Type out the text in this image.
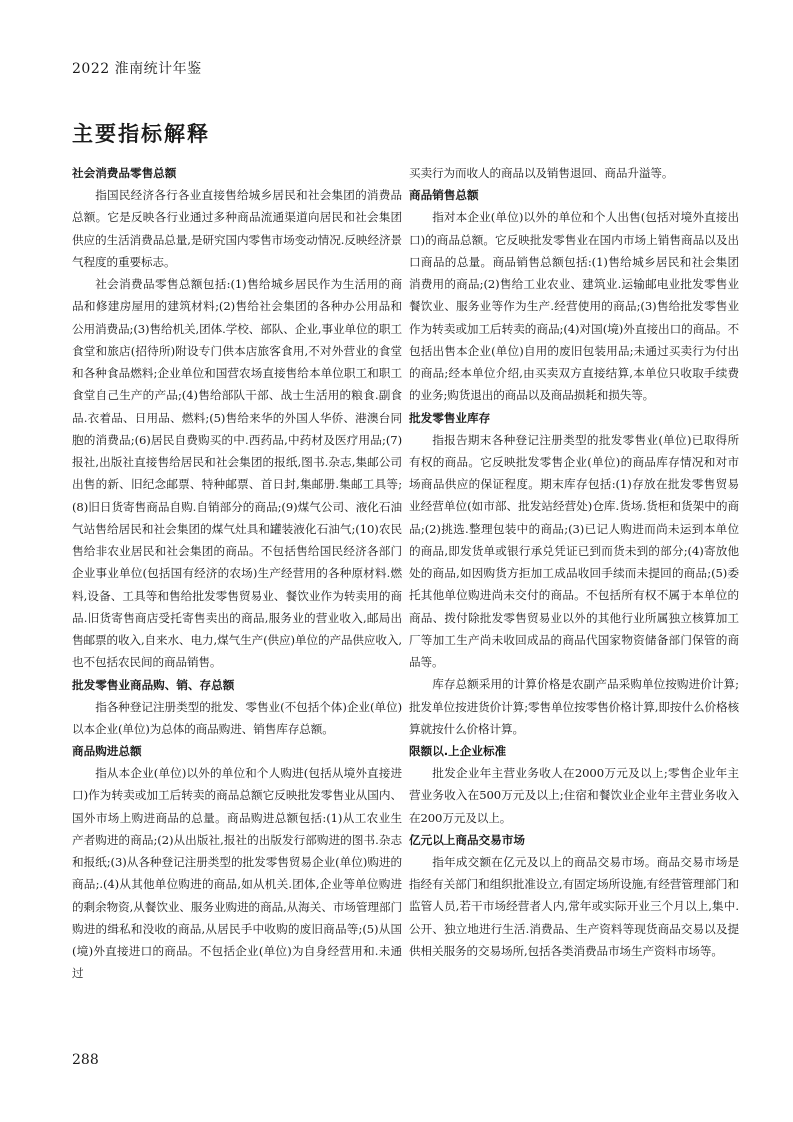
2022 淮南统计年鉴
主要指标解释
社会消费品零售总额

指国民经济各行各业直接售给城乡居民和社会集团的消费品总额。它是反映各行业通过多种商品流通渠道向居民和社会集团供应的生活消费品总量,是研究国内零售市场变动情况.反映经济景气程度的重要标志。

社会消费品零售总额包括:(1)售给城乡居民作为生活用的商品和修建房屋用的建筑材料;(2)售给社会集团的各种办公用品和公用消费品;(3)售给机关,团体.学校、部队、企业,事业单位的职工食堂和旅店(招待所)附设专门供本店旅客食用,不对外营业的食堂和各种食品燃料;企业单位和国营农场直接售给本单位职工和职工食堂自己生产的产品;(4)售给部队干部、战士生活用的粮食.副食品.衣着品、日用品、燃料;(5)售给来华的外国人华侨、港澳台同胞的消费品;(6)居民自费购买的中.西药品,中药材及医疗用品;(7)报社,出版社直接售给居民和社会集团的报纸,图书.杂志,集邮公司出售的新、旧纪念邮票、特种邮票、首日封,集邮册.集邮工具等;(8)旧日货寄售商品自购.自销部分的商品;(9)煤气公司、液化石油气站售给居民和社会集团的煤气灶具和罐装液化石油气;(10)农民售给非农业居民和社会集团的商品。不包括售给国民经济各部门企业事业单位(包括国有经济的农场)生产经营用的各种原材料.燃料,设备、工具等和售给批发零售贸易业、餐饮业作为转卖用的商品.旧货寄售商店受托寄售卖出的商品,服务业的营业收入,邮局出售邮票的收入,自来水、电力,煤气生产(供应)单位的产品供应收入,也不包括农民间的商品销售。

批发零售业商品购、销、存总额

指各种登记注册类型的批发、零售业(不包括个体)企业(单位)以本企业(单位)为总体的商品购进、销售库存总额。

商品购进总额

指从本企业(单位)以外的单位和个人购进(包括从境外直接进口)作为转卖或加工后转卖的商品总额它反映批发零售业从国内、国外市场上购进商品的总量。商品购进总额包括:(1)从工农业生产者购进的商品;(2)从出版社,报社的出版发行部购进的图书.杂志和报纸;(3)从各种登记注册类型的批发零售贸易企业(单位)购进的商品;.(4)从其他单位购进的商品,如从机关.团体,企业等单位购进的剩余物资,从餐饮业、服务业购进的商品,从海关、市场管理部门购进的缉私和没收的商品,从居民手中收购的废旧商品等;(5)从国(境)外直接进口的商品。不包括企业(单位)为自身经营用和.未通过

买卖行为而收人的商品以及销售退回、商品升溢等。

商品销售总额

指对本企业(单位)以外的单位和个人出售(包括对境外直接出口)的商品总额。它反映批发零售业在国内市场上销售商品以及出口商品的总量。商品销售总额包括:(1)售给城乡居民和社会集团消费用的商品;(2)售给工业农业、建筑业.运输邮电业批发零售业餐饮业、服务业等作为生产.经营使用的商品;(3)售给批发零售业作为转卖或加工后转卖的商品;(4)对国(境)外直接出口的商品。不包括出售本企业(单位)自用的废旧包装用品;未通过买卖行为付出的商品;经本单位介绍,由买卖双方直接结算,本单位只收取手续费的业务;购货退出的商品以及商品损耗和损失等。

批发零售业库存

指报告期末各种登记注册类型的批发零售业(单位)已取得所有权的商品。它反映批发零售企业(单位)的商品库存情况和对市场商品供应的保证程度。期末库存包括:(1)存放在批发零售贸易业经营单位(如市部、批发站经营处)仓库.货场.货柜和货架中的商品;(2)挑选.整理包装中的商品;(3)已记人购进而尚未运到本单位的商品,即发货单或银行承兑凭证已到而货未到的部分;(4)寄放他处的商品,如因购货方拒加工成品收回手续而未提回的商品;(5)委托其他单位购进尚未交付的商品。不包括所有权不属于本单位的商品、拨付除批发零售贸易业以外的其他行业所属独立核算加工厂等加工生产尚未收回成品的商品代国家物资储备部门保管的商品等。

库存总额采用的计算价格是农副产品采购单位按购进价计算;批发单位按进货价计算;零售单位按零售价格计算,即按什么价格核算就按什么价格计算。

限额以.上企业标准

批发企业年主营业务收人在2000万元及以上;零售企业年主营业务收入在500万元及以上;住宿和餐饮业企业年主营业务收入在200万元及以上。

亿元以上商品交易市场

指年成交额在亿元及以上的商品交易市场。商品交易市场是指经有关部门和组织批准设立,有固定场所设施,有经营管理部门和监管人员,若干市场经营者人内,常年或实际开业三个月以上,集中.公开、独立地进行生活.消费品、生产资料等现货商品交易以及提供相关服务的交易场所,包括各类消费品市场生产资料市场等。

288
